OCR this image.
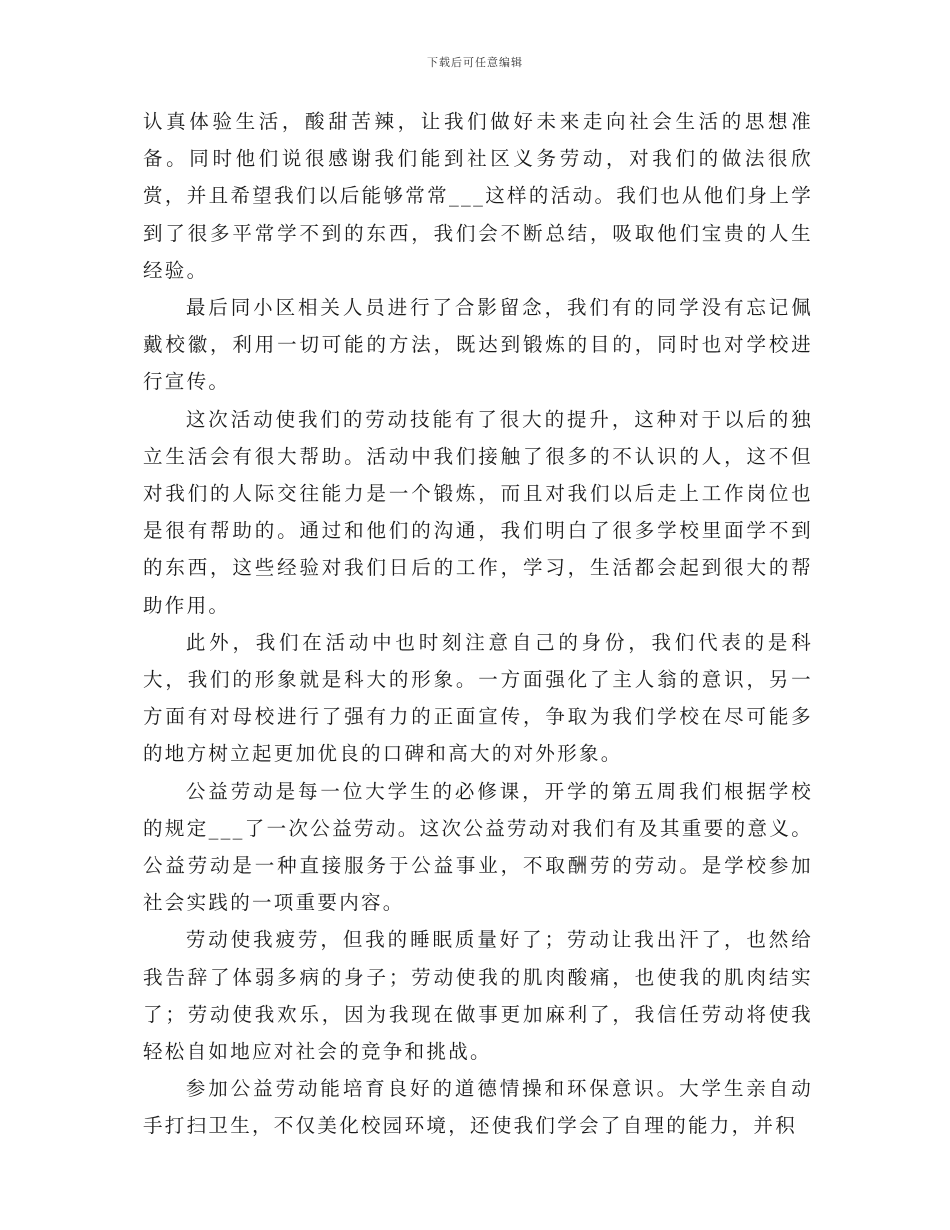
下载后可任意编辑

认真体验生活，酸甜苦辣，让我们做好未来走向社会生活的思想准备。同时他们说很感谢我们能到社区义务劳动，对我们的做法很欣赏，并且希望我们以后能够常常___这样的活动。我们也从他们身上学到了很多平常学不到的东西，我们会不断总结，吸取他们宝贵的人生经验。

最后同小区相关人员进行了合影留念，我们有的同学没有忘记佩戴校徽，利用一切可能的方法，既达到锻炼的目的，同时也对学校进行宣传。

这次活动使我们的劳动技能有了很大的提升，这种对于以后的独立生活会有很大帮助。活动中我们接触了很多的不认识的人，这不但对我们的人际交往能力是一个锻炼，而且对我们以后走上工作岗位也是很有帮助的。通过和他们的沟通，我们明白了很多学校里面学不到的东西，这些经验对我们日后的工作，学习，生活都会起到很大的帮助作用。

此外，我们在活动中也时刻注意自己的身份，我们代表的是科大，我们的形象就是科大的形象。一方面强化了主人翁的意识，另一方面有对母校进行了强有力的正面宣传，争取为我们学校在尽可能多的地方树立起更加优良的口碑和高大的对外形象。

公益劳动是每一位大学生的必修课，开学的第五周我们根据学校的规定___了一次公益劳动。这次公益劳动对我们有及其重要的意义。公益劳动是一种直接服务于公益事业，不取酬劳的劳动。是学校参加社会实践的一项重要内容。

劳动使我疲劳，但我的睡眠质量好了；劳动让我出汗了，也然给我告辞了体弱多病的身子；劳动使我的肌肉酸痛，也使我的肌肉结实了；劳动使我欢乐，因为我现在做事更加麻利了，我信任劳动将使我轻松自如地应对社会的竞争和挑战。

参加公益劳动能培育良好的道德情操和环保意识。大学生亲自动手打扫卫生，不仅美化校园环境，还使我们学会了自理的能力，并积
